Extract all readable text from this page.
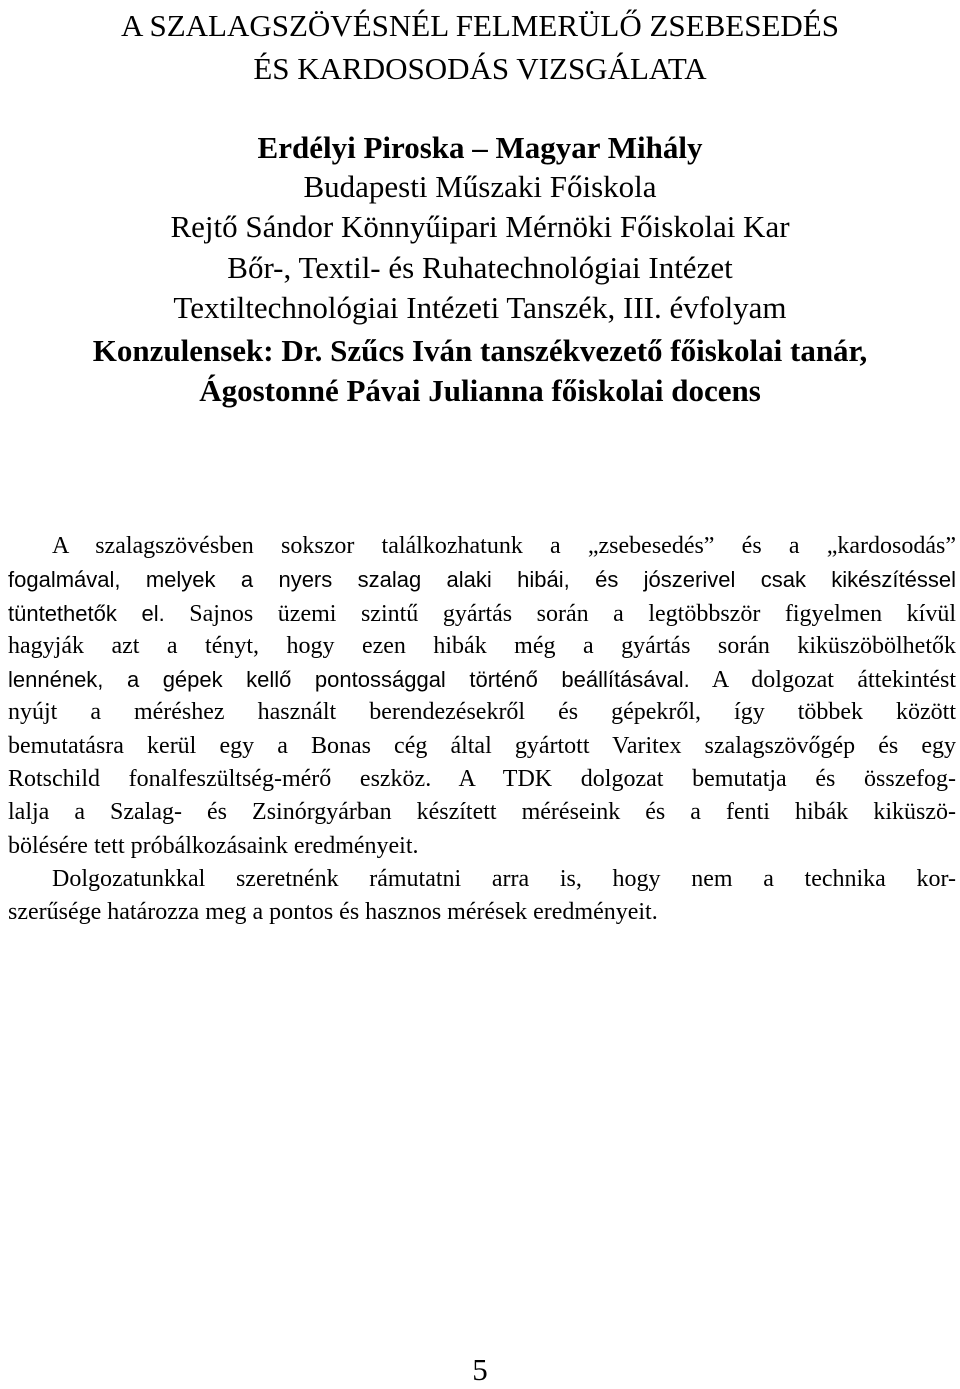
A SZALAGSZÖVÉSNÉL FELMERÜLŐ ZSEBESEDÉS
ÉS KARDOSODÁS VIZSGÁLATA

Erdélyi Piroska – Magyar Mihály

Budapesti Műszaki Főiskola

Rejtő Sándor Könnyűipari Mérnöki Főiskolai Kar

Bőr-, Textil- és Ruhatechnológiai Intézet

Textiltechnológiai Intézeti Tanszék, III. évfolyam

Konzulensek: Dr. Szűcs Iván tanszékvezető főiskolai tanár,
Ágostonné Pávai Julianna főiskolai docens
A szalagszövésben sokszor találkozhatunk a „zsebesedés” és a „kardosodás”
fogalmával, melyek a nyers szalag alaki hibái, és jószerivel csak kikészítéssel
tüntethetők el. Sajnos üzemi szintű gyártás során a legtöbbször figyelmen kívül
hagyják azt a tényt, hogy ezen hibák még a gyártás során kiküszöbölhetők
lennének, a gépek kellő pontossággal történő beállításával. A dolgozat áttekintést
nyújt a méréshez használt berendezésekről és gépekről, így többek között
bemutatásra kerül egy a Bonas cég által gyártott Varitex szalagszövőgép és egy
Rotschild fonalfeszültség-mérő eszköz. A TDK dolgozat bemutatja és összefog-
lalja a Szalag- és Zsinórgyárban készített méréseink és a fenti hibák kiküszö-
bölésére tett próbálkozásaink eredményeit.
Dolgozatunkkal szeretnénk rámutatni arra is, hogy nem a technika kor-
szerűsége határozza meg a pontos és hasznos mérések eredményeit.

5
